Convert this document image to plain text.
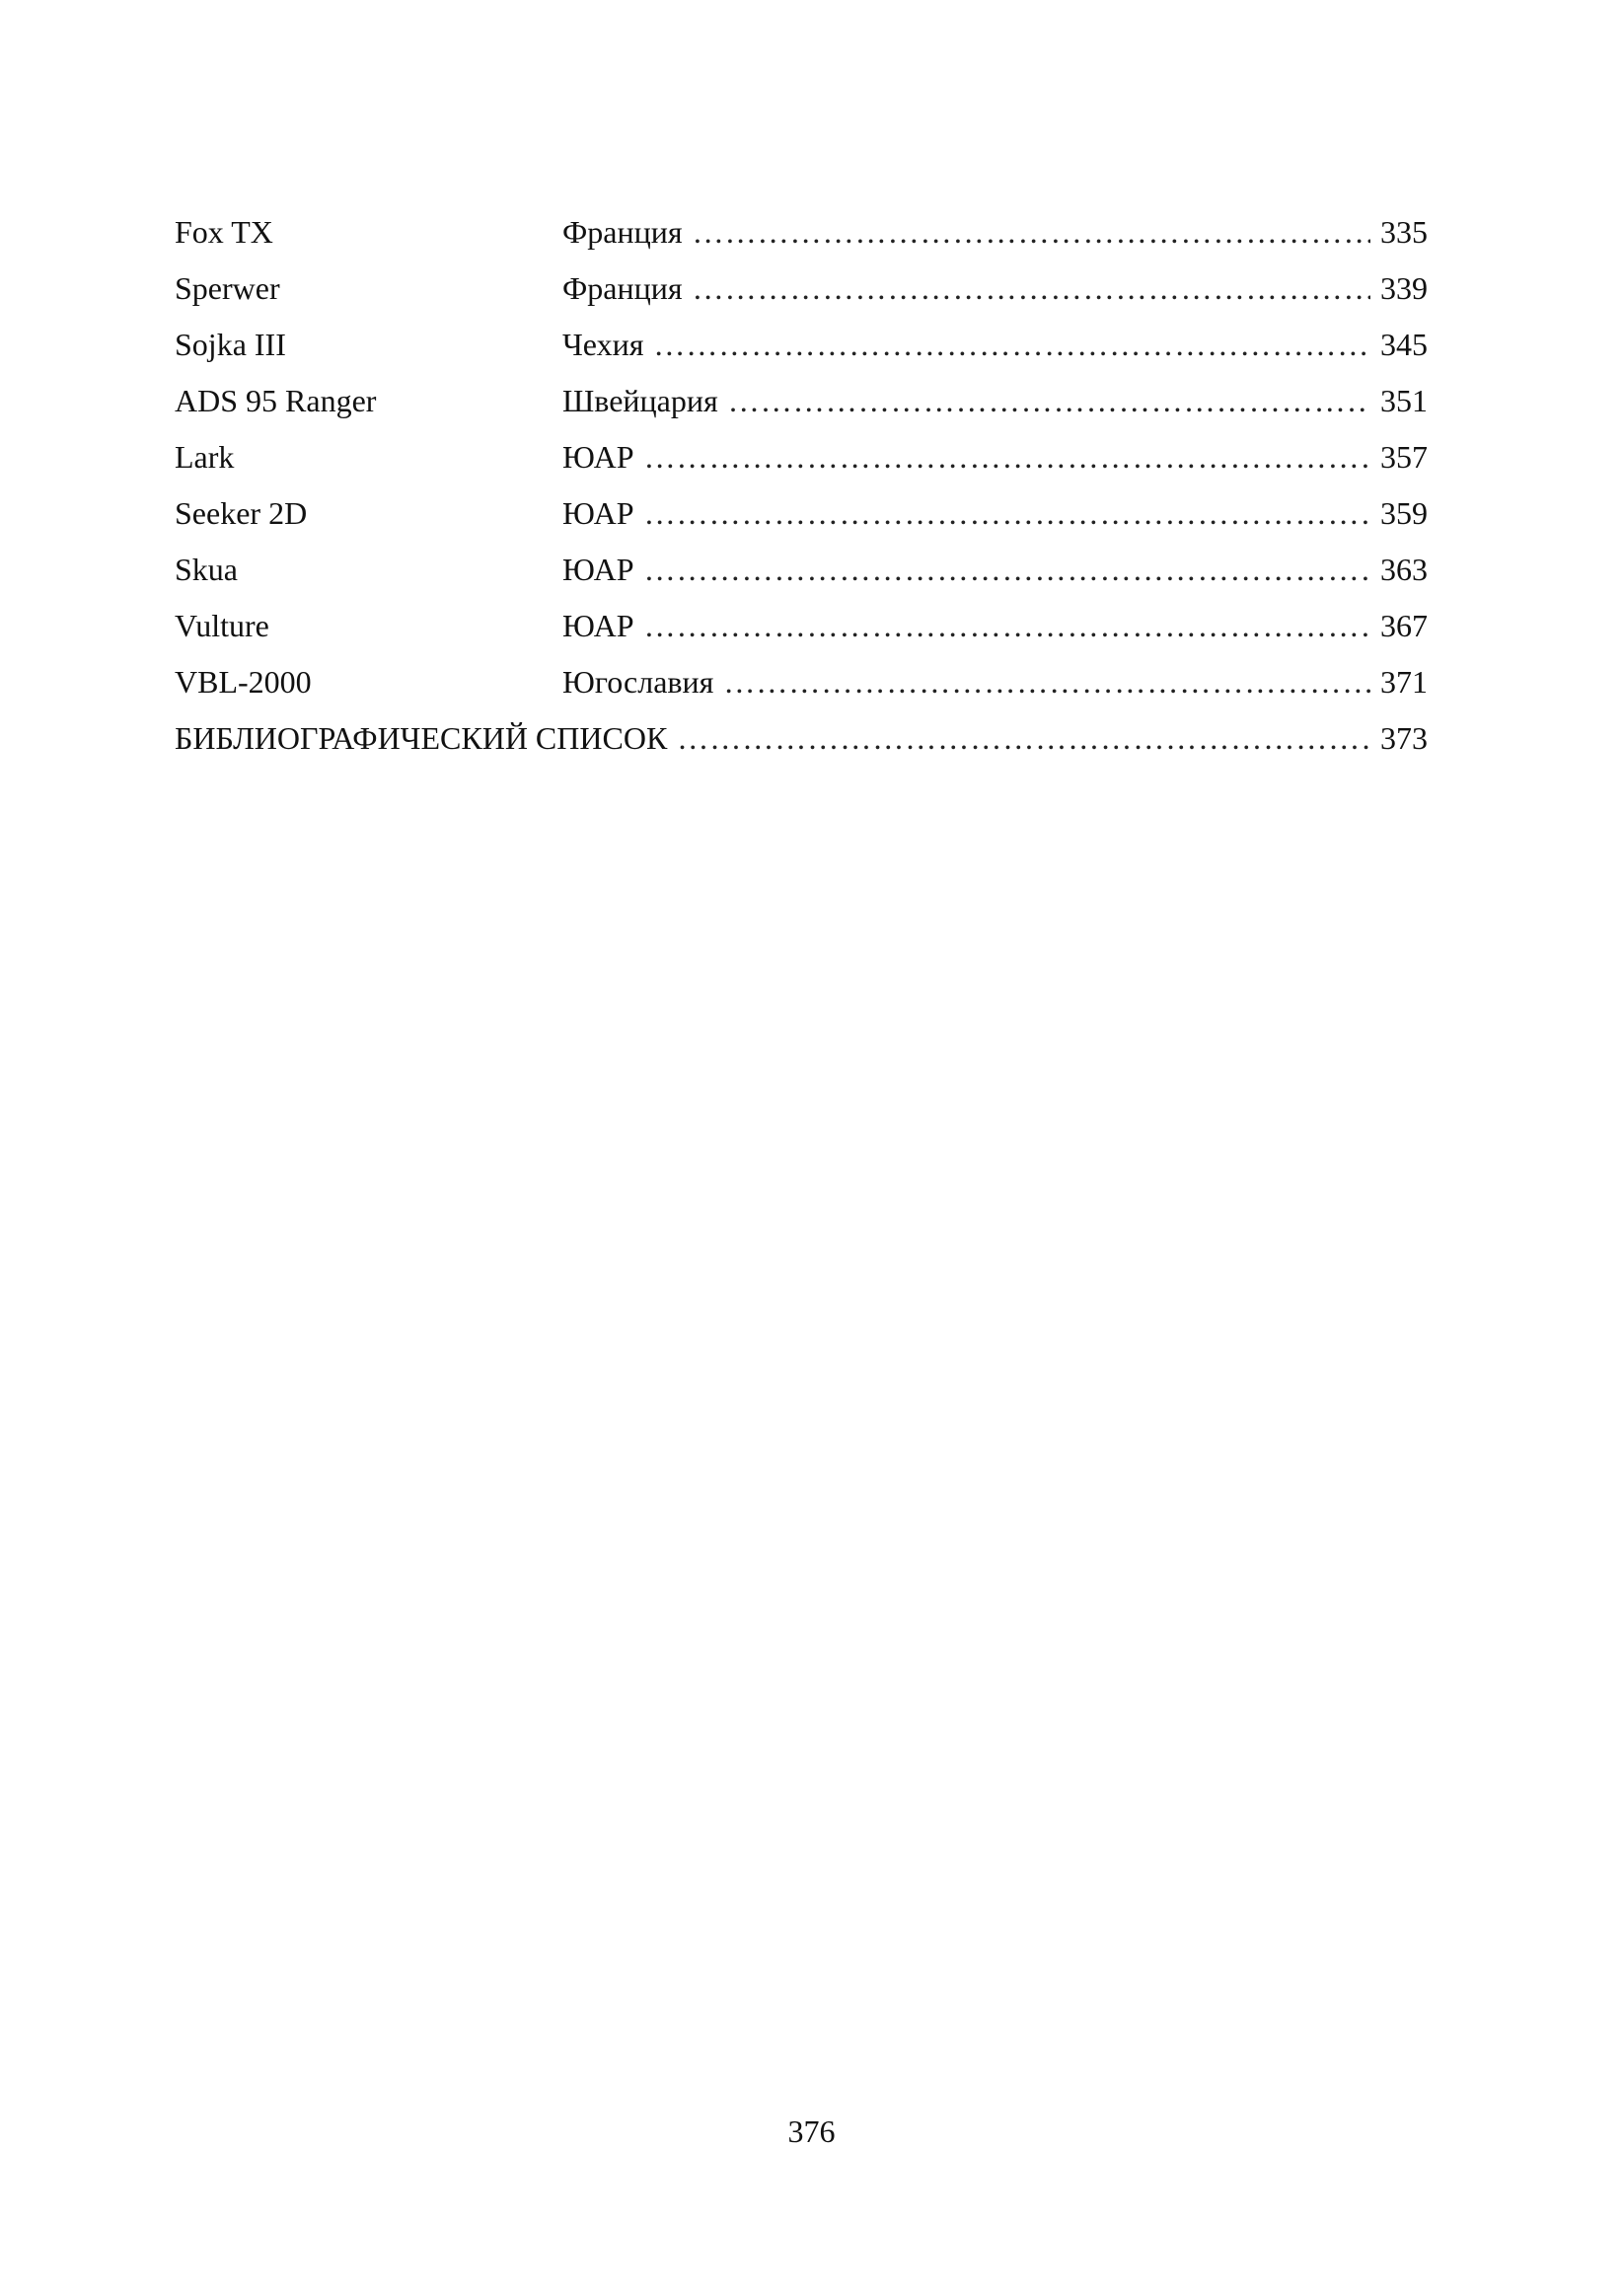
Fox TX	Франция …………………………………………………………………………………………………………………………………………	335
Sperwer	Франция …………………………………………………………………………………………………………………………………………	339
Sojka III	Чехия …………………………………………………………………………………………………………………………………………	345
ADS 95 Ranger	Швейцария …………………………………………………………………………………………………………………………………………	351
Lark	ЮАР …………………………………………………………………………………………………………………………………………	357
Seeker 2D	ЮАР …………………………………………………………………………………………………………………………………………	359
Skua	ЮАР …………………………………………………………………………………………………………………………………………	363
Vulture	ЮАР …………………………………………………………………………………………………………………………………………	367
VBL-2000	Югославия …………………………………………………………………………………………………………………………………………	371
БИБЛИОГРАФИЧЕСКИЙ СПИСОК …………………………………………………………………………………………………………………………………………	373
376
